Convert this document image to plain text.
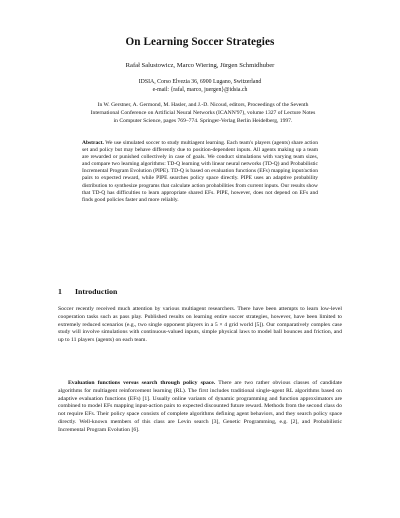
On Learning Soccer Strategies
Rafał Salustowicz, Marco Wiering, Jürgen Schmidhuber
IDSIA, Corso Elvezia 36, 6900 Lugano, Switzerland
e-mail: {rafal, marco, juergen}@idsia.ch
In W. Gerstner, A. Germond, M. Hasler, and J.-D. Nicoud, editors, Proceedings of the Seventh International Conference on Artificial Neural Networks (ICANN'97), volume 1327 of Lecture Notes in Computer Science, pages 769–774. Springer-Verlag Berlin Heidelberg, 1997.
Abstract. We use simulated soccer to study multiagent learning. Each team's players (agents) share action set and policy but may behave differently due to position-dependent inputs. All agents making up a team are rewarded or punished collectively in case of goals. We conduct simulations with varying team sizes, and compare two learning algorithms: TD-Q learning with linear neural networks (TD-Q) and Probabilistic Incremental Program Evolution (PIPE). TD-Q is based on evaluation functions (EFs) mapping input/action pairs to expected reward, while PIPE searches policy space directly. PIPE uses an adaptive probability distribution to synthesize programs that calculate action probabilities from current inputs. Our results show that TD-Q has difficulties to learn appropriate shared EFs. PIPE, however, does not depend on EFs and finds good policies faster and more reliably.
1 Introduction
Soccer recently received much attention by various multiagent researchers. There have been attempts to learn low-level cooperation tasks such as pass play. Published results on learning entire soccer strategies, however, have been limited to extremely reduced scenarios (e.g., two single opponent players in a 5 × 4 grid world [5]). Our comparatively complex case study will involve simulations with continuous-valued inputs, simple physical laws to model ball bounces and friction, and up to 11 players (agents) on each team.
Evaluation functions versus search through policy space. There are two rather obvious classes of candidate algorithms for multiagent reinforcement learning (RL). The first includes traditional single-agent RL algorithms based on adaptive evaluation functions (EFs) [1]. Usually online variants of dynamic programming and function approximators are combined to model EFs mapping input-action pairs to expected discounted future reward. Methods from the second class do not require EFs. Their policy space consists of complete algorithms defining agent behaviors, and they search policy space directly. Well-known members of this class are Levin search [3], Genetic Programming, e.g. [2], and Probabilistic Incremental Program Evolution [6].
